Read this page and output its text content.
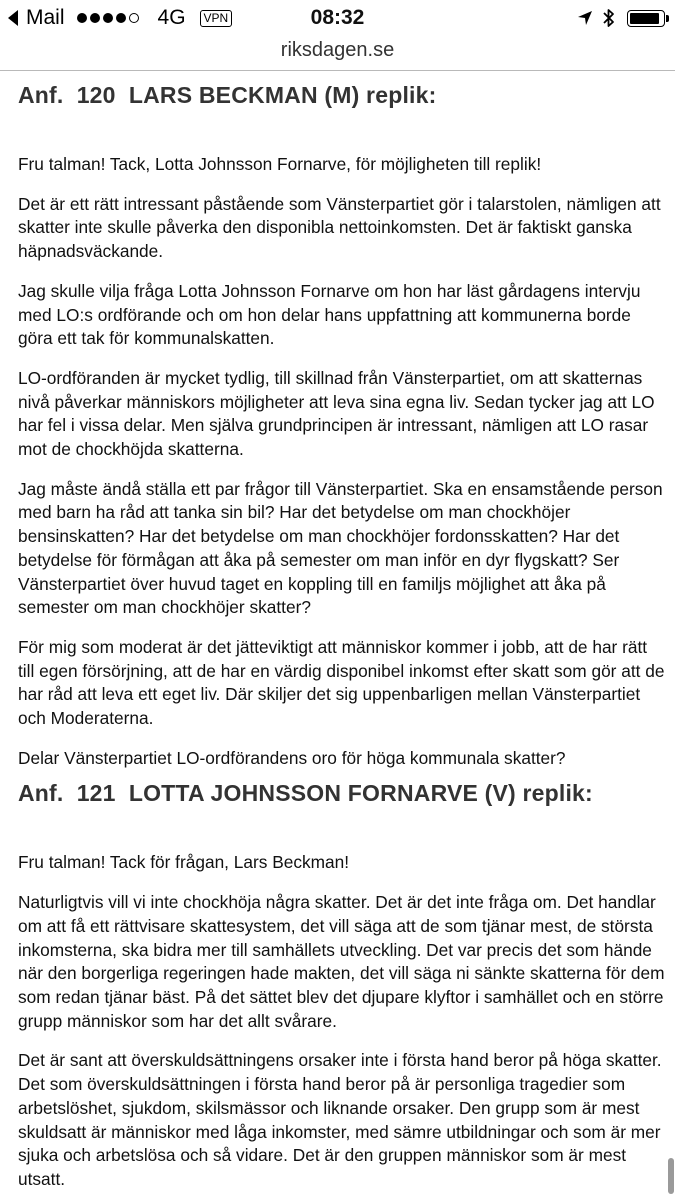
Mail	4G	VPN	08:32
riksdagen.se
Anf.  120  LARS BECKMAN (M) replik:

Fru talman! Tack, Lotta Johnsson Fornarve, för möjligheten till replik!

Det är ett rätt intressant påstående som Vänsterpartiet gör i talarstolen, nämligen att skatter inte skulle påverka den disponibla nettoinkomsten. Det är faktiskt ganska häpnadsväckande.

Jag skulle vilja fråga Lotta Johnsson Fornarve om hon har läst gårdagens intervju med LO:s ordförande och om hon delar hans uppfattning att kommunerna borde göra ett tak för kommunalskatten.

LO-ordföranden är mycket tydlig, till skillnad från Vänsterpartiet, om att skatternas nivå påverkar människors möjligheter att leva sina egna liv. Sedan tycker jag att LO har fel i vissa delar. Men själva grundprincipen är intressant, nämligen att LO rasar mot de chockhöjda skatterna.

Jag måste ändå ställa ett par frågor till Vänsterpartiet. Ska en ensamstående person med barn ha råd att tanka sin bil? Har det betydelse om man chockhöjer bensinskatten? Har det betydelse om man chockhöjer fordonsskatten? Har det betydelse för förmågan att åka på semester om man inför en dyr flygskatt? Ser Vänsterpartiet över huvud taget en koppling till en familjs möjlighet att åka på semester om man chockhöjer skatter?

För mig som moderat är det jätteviktigt att människor kommer i jobb, att de har rätt till egen försörjning, att de har en värdig disponibel inkomst efter skatt som gör att de har råd att leva ett eget liv. Där skiljer det sig uppenbarligen mellan Vänsterpartiet och Moderaterna.

Delar Vänsterpartiet LO-ordförandens oro för höga kommunala skatter?

Anf.  121  LOTTA JOHNSSON FORNARVE (V) replik:

Fru talman! Tack för frågan, Lars Beckman!

Naturligtvis vill vi inte chockhöja några skatter. Det är det inte fråga om. Det handlar om att få ett rättvisare skattesystem, det vill säga att de som tjänar mest, de största inkomsterna, ska bidra mer till samhällets utveckling. Det var precis det som hände när den borgerliga regeringen hade makten, det vill säga ni sänkte skatterna för dem som redan tjänar bäst. På det sättet blev det djupare klyftor i samhället och en större grupp människor som har det allt svårare.

Det är sant att överskuldsättningens orsaker inte i första hand beror på höga skatter. Det som överskuldsättningen i första hand beror på är personliga tragedier som arbetslöshet, sjukdom, skilsmässor och liknande orsaker. Den grupp som är mest skuldsatt är människor med låga inkomster, med sämre utbildningar och som är mer sjuka och arbetslösa och så vidare. Det är den gruppen människor som är mest utsatt.
